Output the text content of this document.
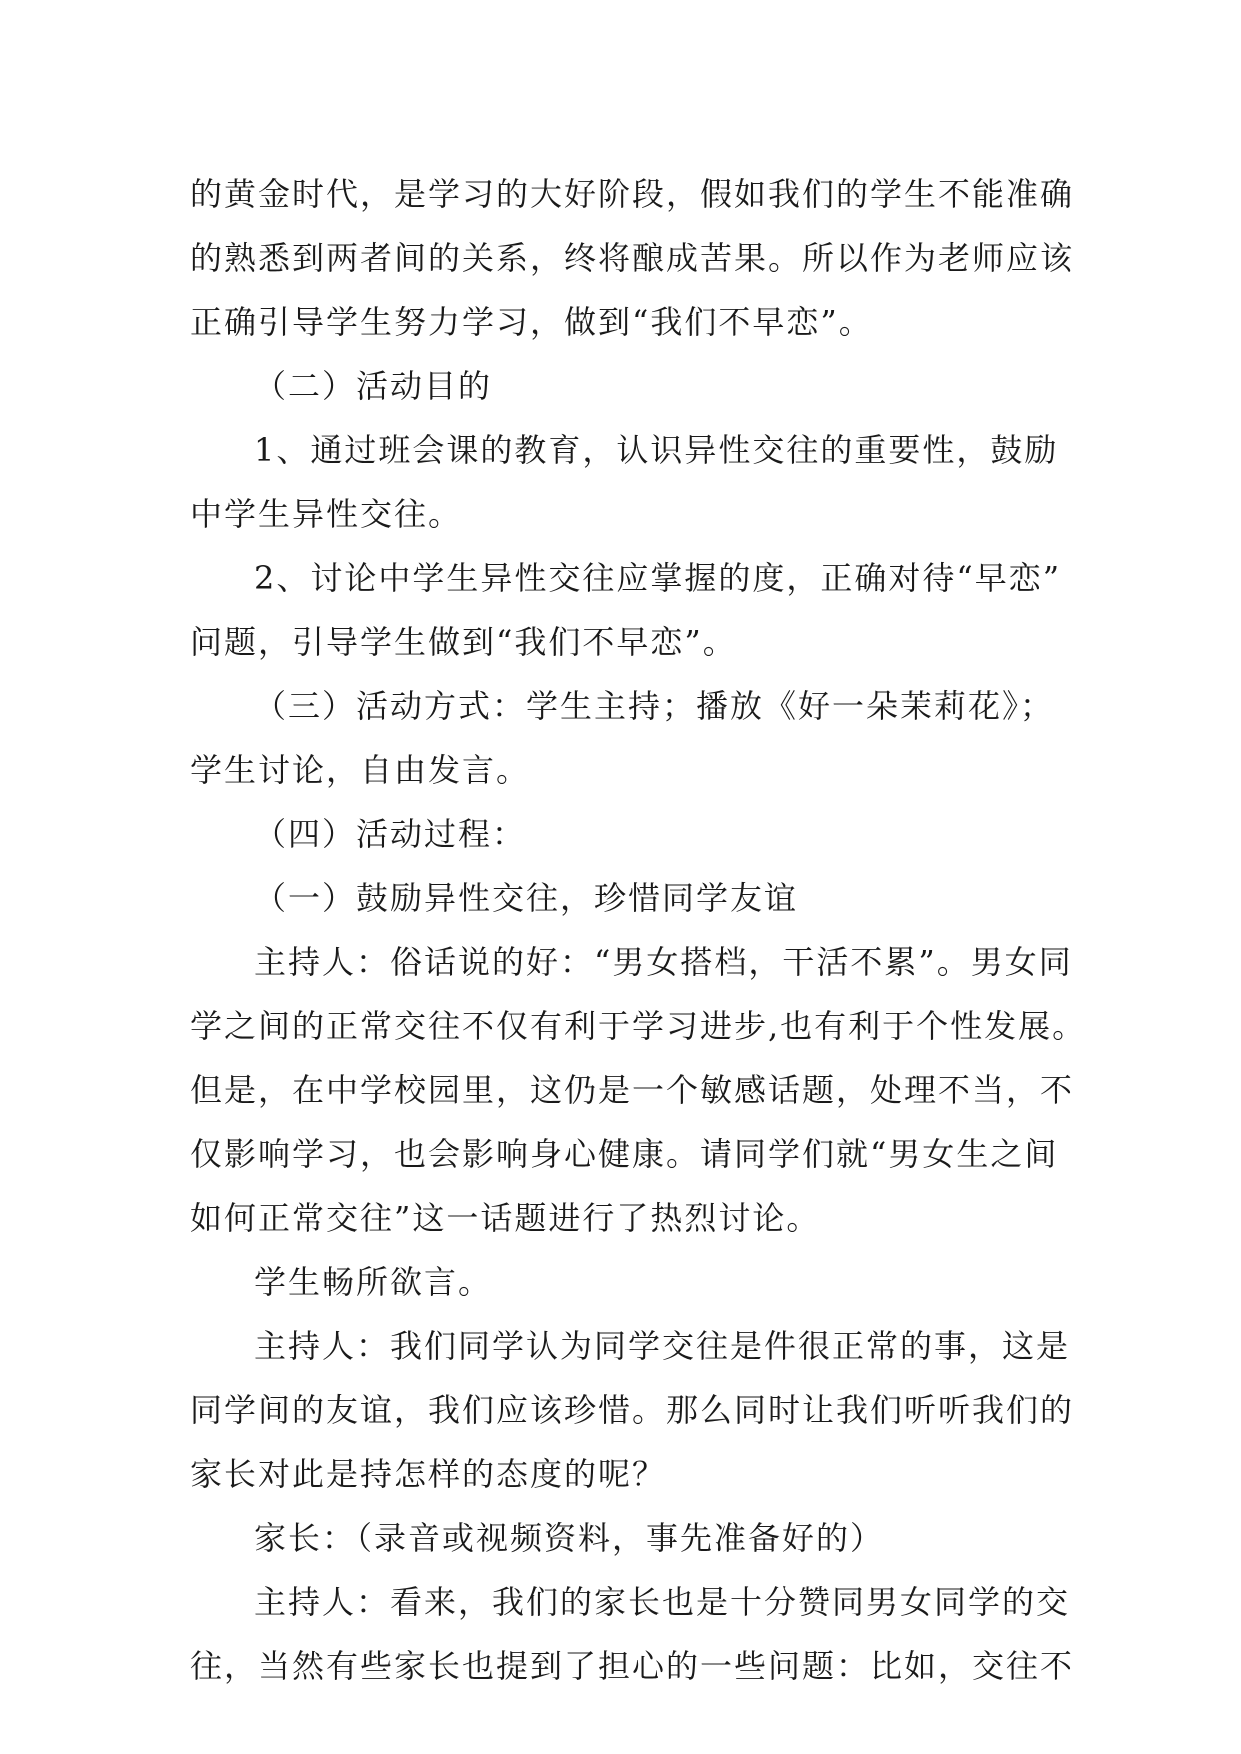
的黄金时代，是学习的大好阶段，假如我们的学生不能准确
的熟悉到两者间的关系，终将酿成苦果。所以作为老师应该
正确引导学生努力学习，做到“我们不早恋”。
（二）活动目的
1、通过班会课的教育，认识异性交往的重要性，鼓励
中学生异性交往。
2、讨论中学生异性交往应掌握的度，正确对待“早恋”
问题，引导学生做到“我们不早恋”。
（三）活动方式：学生主持；播放《好一朵茉莉花》；
学生讨论，自由发言。
（四）活动过程：
（一）鼓励异性交往，珍惜同学友谊
主持人：俗话说的好：“男女搭档，干活不累”。男女同
学之间的正常交往不仅有利于学习进步,也有利于个性发展。
但是，在中学校园里，这仍是一个敏感话题，处理不当，不
仅影响学习，也会影响身心健康。请同学们就“男女生之间
如何正常交往”这一话题进行了热烈讨论。
学生畅所欲言。
主持人：我们同学认为同学交往是件很正常的事，这是
同学间的友谊，我们应该珍惜。那么同时让我们听听我们的
家长对此是持怎样的态度的呢？
家长：（录音或视频资料，事先准备好的）
主持人：看来，我们的家长也是十分赞同男女同学的交
往，当然有些家长也提到了担心的一些问题：比如，交往不
